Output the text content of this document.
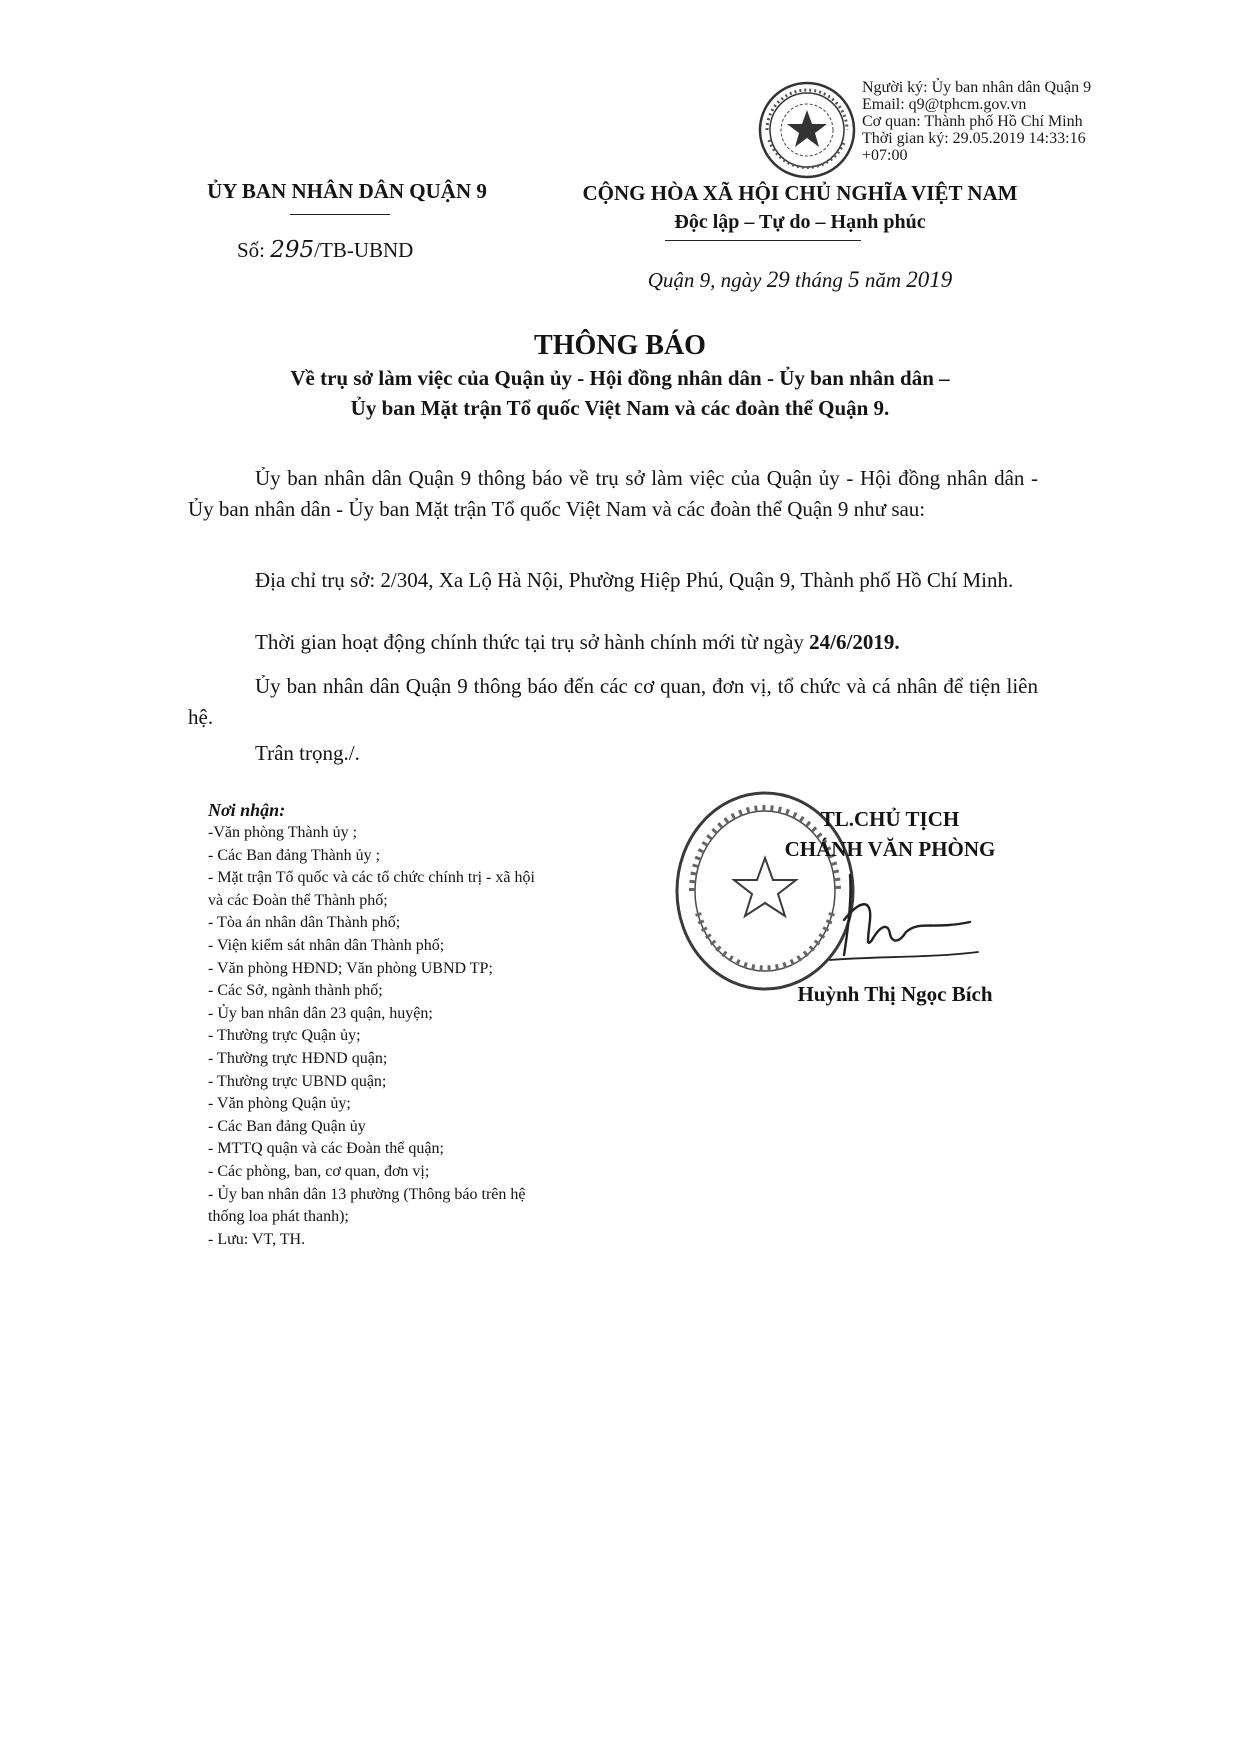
Người ký: Ủy ban nhân dân Quận 9
Email: q9@tphcm.gov.vn
Cơ quan: Thành phố Hồ Chí Minh
Thời gian ký: 29.05.2019 14:33:16
+07:00
ỦY BAN NHÂN DÂN QUẬN 9
Số: 295/TB-UBND
CỘNG HÒA XÃ HỘI CHỦ NGHĨA VIỆT NAM
Độc lập – Tự do – Hạnh phúc
Quận 9, ngày 29 tháng 5 năm 2019
THÔNG BÁO
Về trụ sở làm việc của Quận ủy - Hội đồng nhân dân - Ủy ban nhân dân –
Ủy ban Mặt trận Tổ quốc Việt Nam và các đoàn thể Quận 9.
Ủy ban nhân dân Quận 9 thông báo về trụ sở làm việc của Quận ủy - Hội đồng nhân dân - Ủy ban nhân dân - Ủy ban Mặt trận Tổ quốc Việt Nam và các đoàn thể Quận 9 như sau:
Địa chỉ trụ sở: 2/304, Xa Lộ Hà Nội, Phường Hiệp Phú, Quận 9, Thành phố Hồ Chí Minh.
Thời gian hoạt động chính thức tại trụ sở hành chính mới từ ngày 24/6/2019.
Ủy ban nhân dân Quận 9 thông báo đến các cơ quan, đơn vị, tổ chức và cá nhân để tiện liên hệ.
Trân trọng./.
Nơi nhận:
-Văn phòng Thành ủy ;
- Các Ban đảng Thành ủy ;
- Mặt trận Tổ quốc và các tổ chức chính trị - xã hội
và các Đoàn thể Thành phố;
- Tòa án nhân dân Thành phố;
- Viện kiểm sát nhân dân Thành phố;
- Văn phòng HĐND; Văn phòng UBND TP;
- Các Sở, ngành thành phố;
- Ủy ban nhân dân 23 quận, huyện;
- Thường trực Quận ủy;
- Thường trực HĐND quận;
- Thường trực UBND quận;
- Văn phòng Quận ủy;
- Các Ban đảng Quận ủy
- MTTQ quận và các Đoàn thể quận;
- Các phòng, ban, cơ quan, đơn vị;
- Ủy ban nhân dân 13 phường (Thông báo trên hệ
thống loa phát thanh);
- Lưu: VT, TH.
TL.CHỦ TỊCH
CHÁNH VĂN PHÒNG
Huỳnh Thị Ngọc Bích
